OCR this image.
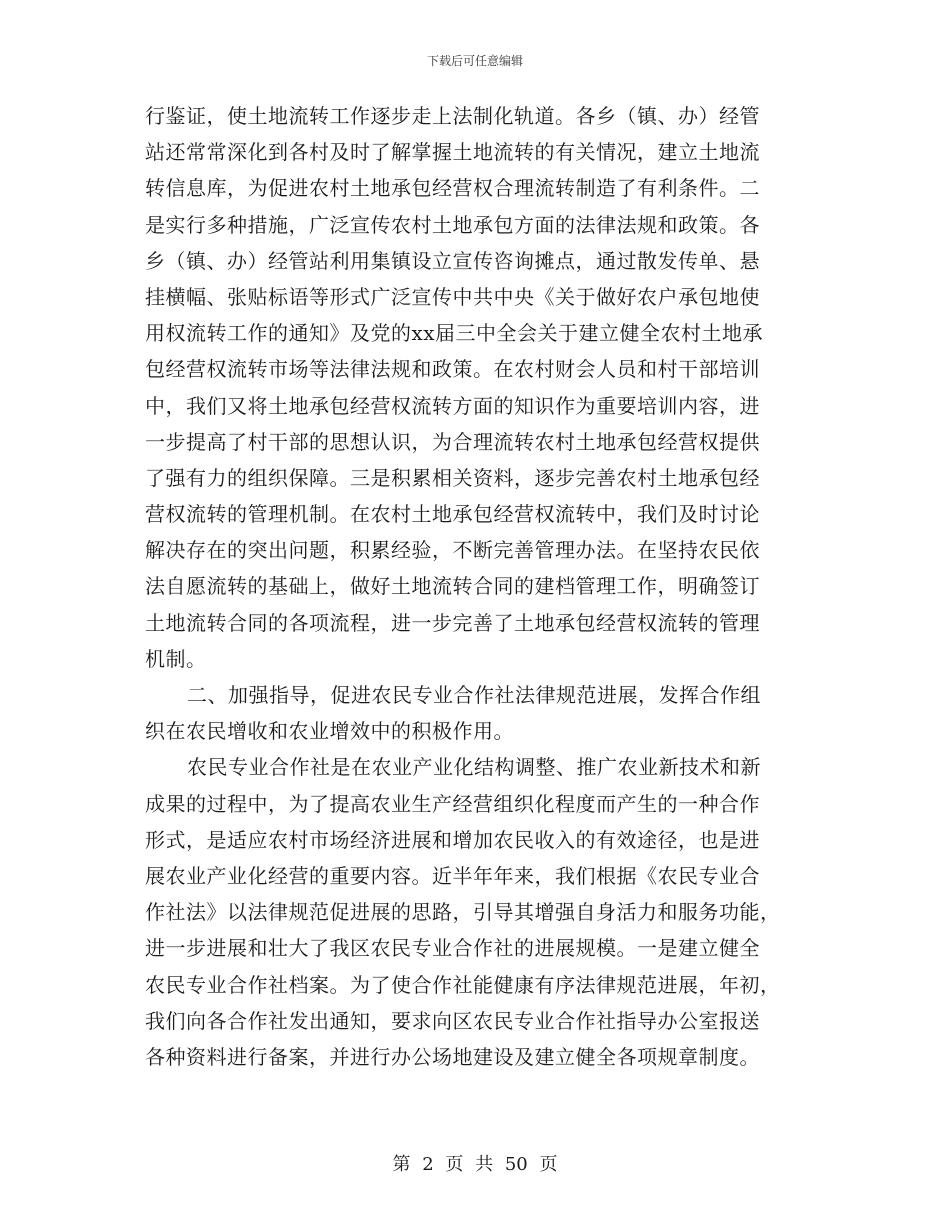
下载后可任意编辑
行鉴证，使土地流转工作逐步走上法制化轨道。各乡（镇、办）经管
站还常常深化到各村及时了解掌握土地流转的有关情况，建立土地流
转信息库，为促进农村土地承包经营权合理流转制造了有利条件。二
是实行多种措施，广泛宣传农村土地承包方面的法律法规和政策。各
乡（镇、办）经管站利用集镇设立宣传咨询摊点，通过散发传单、悬
挂横幅、张贴标语等形式广泛宣传中共中央《关于做好农户承包地使
用权流转工作的通知》及党的xx届三中全会关于建立健全农村土地承
包经营权流转市场等法律法规和政策。在农村财会人员和村干部培训
中，我们又将土地承包经营权流转方面的知识作为重要培训内容，进
一步提高了村干部的思想认识，为合理流转农村土地承包经营权提供
了强有力的组织保障。三是积累相关资料，逐步完善农村土地承包经
营权流转的管理机制。在农村土地承包经营权流转中，我们及时讨论
解决存在的突出问题，积累经验，不断完善管理办法。在坚持农民依
法自愿流转的基础上，做好土地流转合同的建档管理工作，明确签订
土地流转合同的各项流程，进一步完善了土地承包经营权流转的管理
机制。
二、加强指导，促进农民专业合作社法律规范进展，发挥合作组
织在农民增收和农业增效中的积极作用。
农民专业合作社是在农业产业化结构调整、推广农业新技术和新
成果的过程中，为了提高农业生产经营组织化程度而产生的一种合作
形式，是适应农村市场经济进展和增加农民收入的有效途径，也是进
展农业产业化经营的重要内容。近半年年来，我们根据《农民专业合
作社法》以法律规范促进展的思路，引导其增强自身活力和服务功能，
进一步进展和壮大了我区农民专业合作社的进展规模。一是建立健全
农民专业合作社档案。为了使合作社能健康有序法律规范进展，年初，
我们向各合作社发出通知，要求向区农民专业合作社指导办公室报送
各种资料进行备案，并进行办公场地建设及建立健全各项规章制度。
第 2 页 共 50 页
